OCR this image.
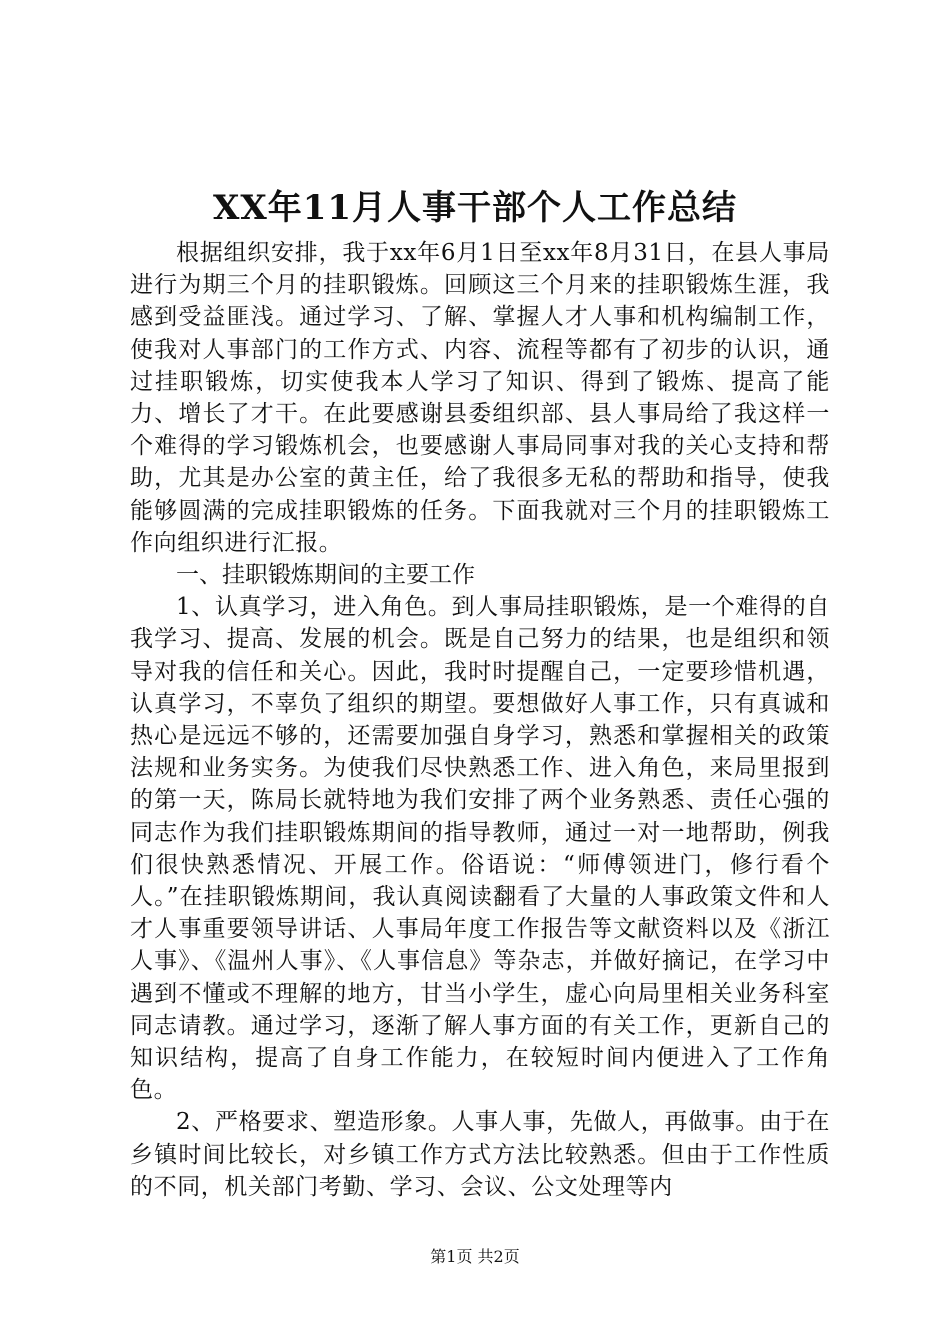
XX年11月人事干部个人工作总结

根据组织安排，我于xx年6月1日至xx年8月31日，在县人事局进行为期三个月的挂职锻炼。回顾这三个月来的挂职锻炼生涯，我感到受益匪浅。通过学习、了解、掌握人才人事和机构编制工作，使我对人事部门的工作方式、内容、流程等都有了初步的认识，通过挂职锻炼，切实使我本人学习了知识、得到了锻炼、提高了能力、增长了才干。在此要感谢县委组织部、县人事局给了我这样一个难得的学习锻炼机会，也要感谢人事局同事对我的关心支持和帮助，尤其是办公室的黄主任，给了我很多无私的帮助和指导，使我能够圆满的完成挂职锻炼的任务。下面我就对三个月的挂职锻炼工作向组织进行汇报。

一、挂职锻炼期间的主要工作

1、认真学习，进入角色。到人事局挂职锻炼，是一个难得的自我学习、提高、发展的机会。既是自己努力的结果，也是组织和领导对我的信任和关心。因此，我时时提醒自己，一定要珍惜机遇，认真学习，不辜负了组织的期望。要想做好人事工作，只有真诚和热心是远远不够的，还需要加强自身学习，熟悉和掌握相关的政策法规和业务实务。为使我们尽快熟悉工作、进入角色，来局里报到的第一天，陈局长就特地为我们安排了两个业务熟悉、责任心强的同志作为我们挂职锻炼期间的指导教师，通过一对一地帮助，例我们很快熟悉情况、开展工作。俗语说：“师傅领进门，修行看个人。”在挂职锻炼期间，我认真阅读翻看了大量的人事政策文件和人才人事重要领导讲话、人事局年度工作报告等文献资料以及《浙江人事》、《温州人事》、《人事信息》等杂志，并做好摘记，在学习中遇到不懂或不理解的地方，甘当小学生，虚心向局里相关业务科室同志请教。通过学习，逐渐了解人事方面的有关工作，更新自己的知识结构，提高了自身工作能力，在较短时间内便进入了工作角色。

2、严格要求、塑造形象。人事人事，先做人，再做事。由于在乡镇时间比较长，对乡镇工作方式方法比较熟悉。但由于工作性质的不同，机关部门考勤、学习、会议、公文处理等内

第1页 共2页
